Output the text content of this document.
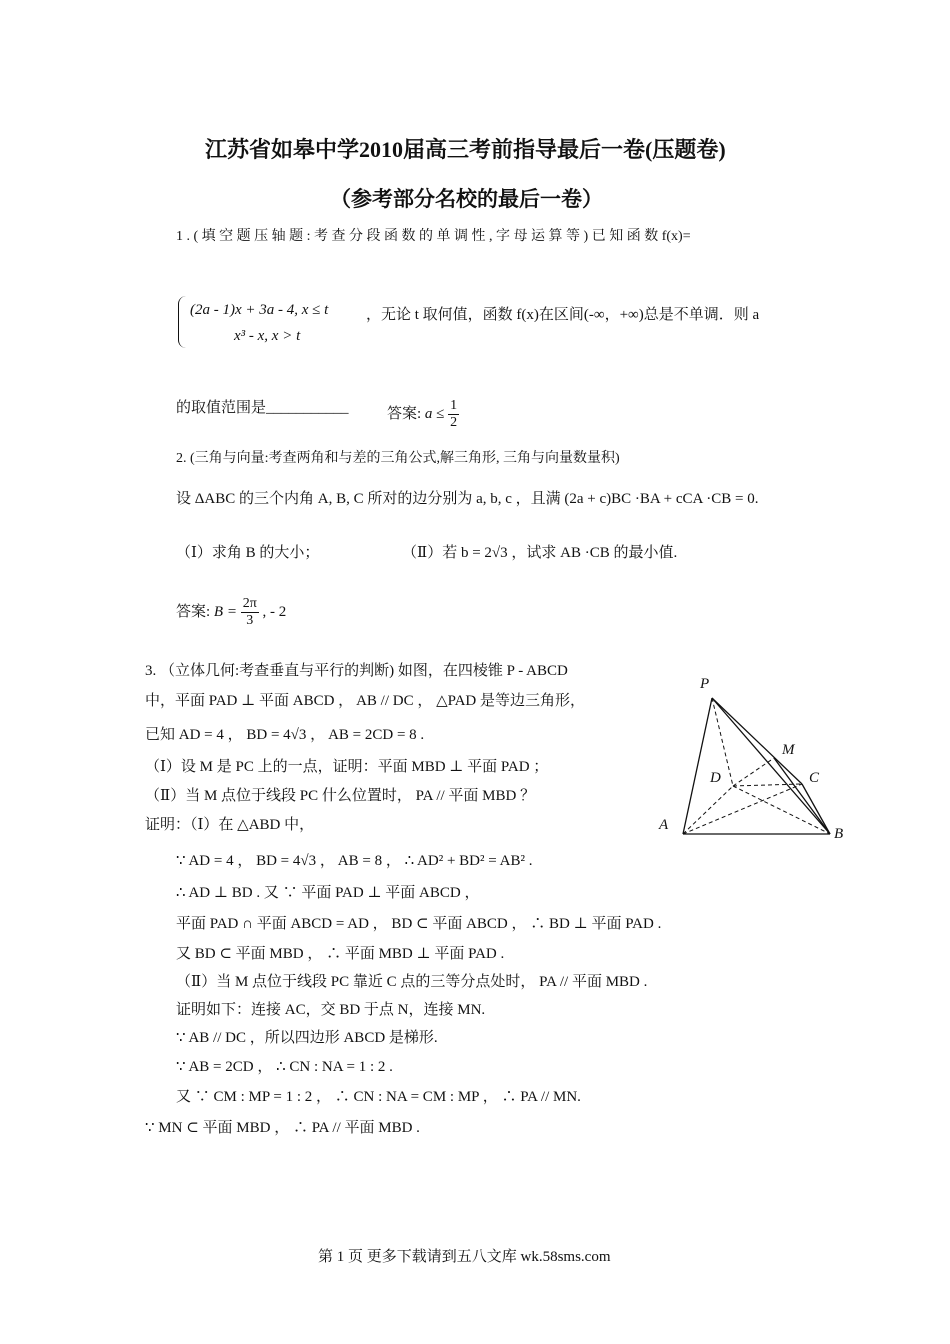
江苏省如皋中学2010届高三考前指导最后一卷(压题卷)
（参考部分名校的最后一卷）
1 . ( 填 空 题 压 轴 题 : 考 查 分 段 函 数 的 单 调 性 , 字 母 运 算 等 ) 已 知 函 数 f(x)=
(2a - 1)x + 3a - 4, x ≤ t
x³ - x, x > t
，无论 t 取何值，函数 f(x)在区间(-∞，+∞)总是不单调．则 a
的取值范围是___________	答案: $a \le \frac{1}{2}$
2. (三角与向量:考查两角和与差的三角公式,解三角形, 三角与向量数量积)
设 ΔABC 的三个内角 A, B, C 所对的边分别为 a, b, c ，且满 (2a + c)BC ·BA + cCA ·CB = 0.
（Ⅰ）求角 B 的大小；	（Ⅱ）若 b = 2√3 ，试求 AB ·CB 的最小值.
答案: $B = \frac{2\pi}{3}$ , - 2
3. （立体几何:考查垂直与平行的判断) 如图，在四棱锥 P - ABCD
中，平面 PAD ⊥ 平面 ABCD ， AB // DC ， △PAD 是等边三角形，
已知 AD = 4 ， BD = 4√3 ， AB = 2CD = 8 .
（Ⅰ）设 M 是 PC 上的一点，证明：平面 MBD ⊥ 平面 PAD ；
（Ⅱ）当 M 点位于线段 PC 什么位置时， PA // 平面 MBD ？
证明：（Ⅰ）在 △ABD 中，
∵ AD = 4 ， BD = 4√3 ， AB = 8 ， ∴ AD² + BD² = AB² .
∴ AD ⊥ BD . 又 ∵ 平面 PAD ⊥ 平面 ABCD ，
平面 PAD ∩ 平面 ABCD = AD ， BD ⊂ 平面 ABCD ， ∴ BD ⊥ 平面 PAD .
又 BD ⊂ 平面 MBD ， ∴ 平面 MBD ⊥ 平面 PAD .
（Ⅱ）当 M 点位于线段 PC 靠近 C 点的三等分点处时， PA // 平面 MBD .
证明如下：连接 AC，交 BD 于点 N，连接 MN.
∵ AB // DC ，所以四边形 ABCD 是梯形.
∵ AB = 2CD ， ∴ CN : NA = 1 : 2 .
又 ∵ CM : MP = 1 : 2 ， ∴ CN : NA = CM : MP ， ∴ PA // MN.
∵ MN ⊂ 平面 MBD ， ∴ PA // 平面 MBD .
P
M
D	C
A
B
第 1 页 更多下载请到五八文库 wk.58sms.com
